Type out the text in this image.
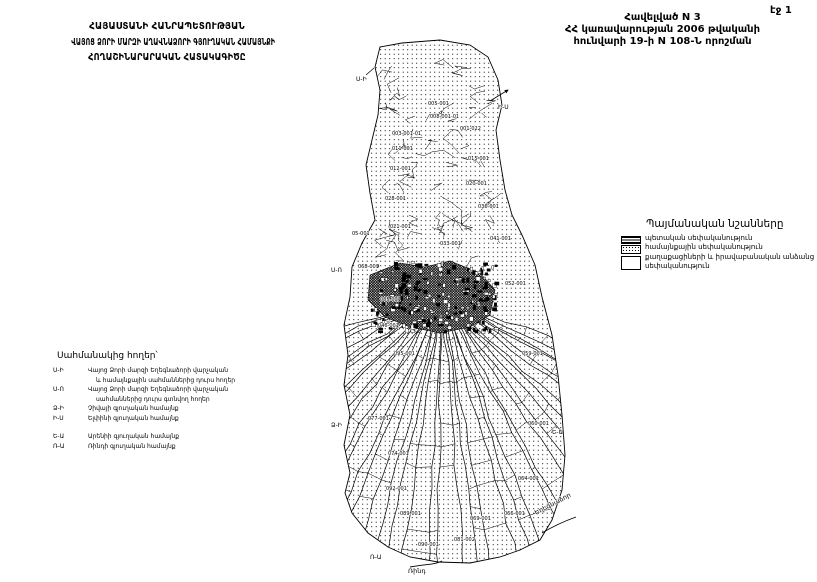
ՀԱՅԱՍՏԱՆԻ ՀԱՆՐԱՊԵՏՈՒԹՅԱՆ
ՎԱՅՈՑ ՁՈՐԻ ՄԱՐԶԻ ԱՂԱՎՆԱՁՈՐԻ ԳՅՈՒՂԱԿԱՆ ՀԱՄԱՅՆՔԻ
ՀՈՂԱՇԻՆԱՐԱՐԱԿԱՆ ՀԱՏԱԿԱԳԻԾԸ
էջ 1
Հավելված N 3
ՀՀ կառավարության 2006 թվականի
հունվարի 19-ի N 108-Ն որոշման
Պայմանական նշանները
պետական սեփականություն
համայնքային սեփականություն
քաղաքացիների և իրավաբանական անձանց
սեփականություն
Սահմանակից հողեր՝
Ս-Ի	Վայոց Ձորի մարզի Եղեգնաձորի վարչական
և համայնքային սահմաններից դուրս հողեր
Ս-Ո	Վայոց Ձորի մարզի Եղեգնաձորի վարչական
սահմաններից դուրս գտնվող հողեր
Ձ-Ի	Չիվայի գյուղական համայնք
Ի-Ս	Ելփինի գյուղական համայնք
Ե-Ա	Արենիի գյուղական համայնք
Ռ-Ա	Ռինդի գյուղական համայնք
Ս-Ի
Ի-Ս
Ս-Ո
Ձ-Ի
Ե-Ա
Ռ-Ա
Ռինդ
Եղեգնաձոր
005-001
008-001-01
001-022
003-001-01
011-001
015-001
012-001
020-001
028-001
036-001
021-001
05-001
033-001
041-001
068-001
085-001
052-001
046-001
059-001
095-001
077-001
060-001
074-001
064-001
092-001
089-001
069-001
066-001
081-002
090-001
